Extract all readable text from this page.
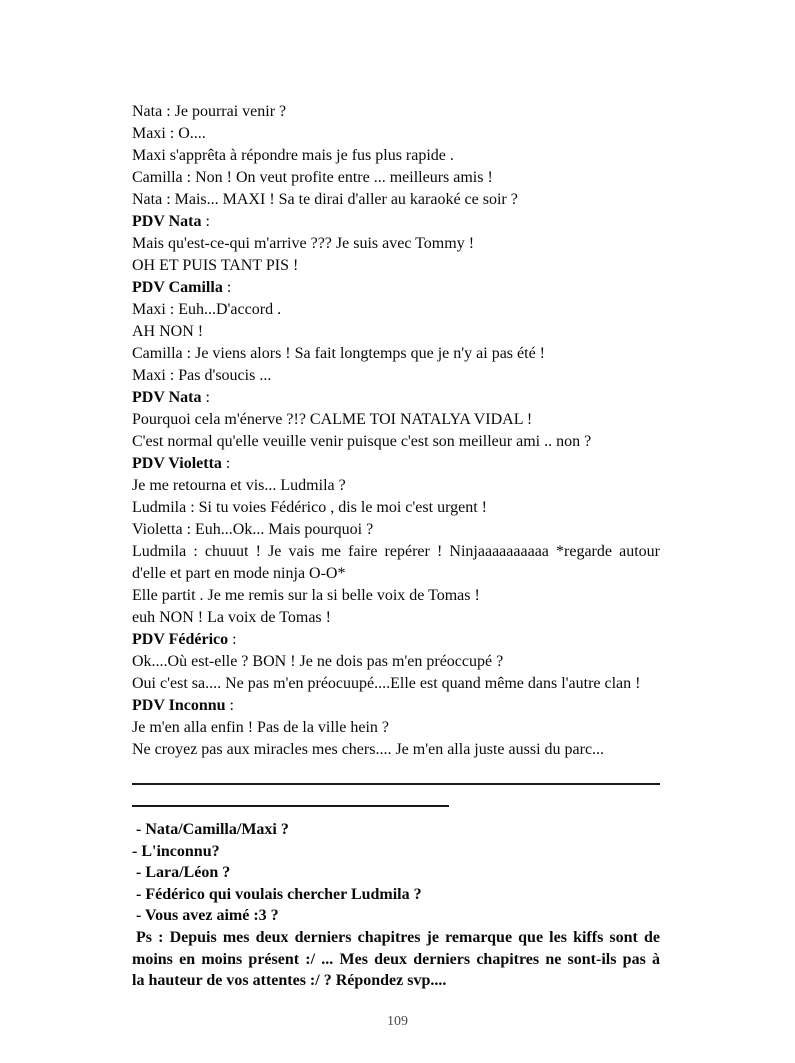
Nata : Je pourrai venir ?

Maxi : O....

Maxi s'apprêta à répondre mais je fus plus rapide .

Camilla : Non ! On veut profite entre ... meilleurs amis !

Nata : Mais... MAXI ! Sa te dirai d'aller au karaoké ce soir ?

PDV Nata :

Mais qu'est-ce-qui m'arrive ??? Je suis avec Tommy !

OH ET PUIS TANT PIS !

PDV Camilla :

Maxi : Euh...D'accord .

AH NON !

Camilla : Je viens alors ! Sa fait longtemps que je n'y ai pas été !

Maxi : Pas d'soucis ...

PDV Nata :

Pourquoi cela m'énerve ?!? CALME TOI NATALYA VIDAL !

C'est normal qu'elle veuille venir puisque c'est son meilleur ami .. non ?

PDV Violetta :

Je me retourna et vis... Ludmila ?

Ludmila : Si tu voies Fédérico , dis le moi c'est urgent !

Violetta : Euh...Ok... Mais pourquoi ?

Ludmila : chuuut ! Je vais me faire repérer ! Ninjaaaaaaaaaa *regarde autour

d'elle et part en mode ninja O-O*

Elle partit . Je me remis sur la si belle voix de Tomas !

euh NON ! La voix de Tomas !

PDV Fédérico :

Ok....Où est-elle ? BON ! Je ne dois pas m'en préoccupé ?

Oui c'est sa.... Ne pas m'en préocuupé....Elle est quand même dans l'autre clan !

PDV Inconnu :

Je m'en alla enfin ! Pas de la ville hein ?

Ne croyez pas aux miracles mes chers.... Je m'en alla juste aussi du parc...

- Nata/Camilla/Maxi ?

- L'inconnu?

- Lara/Léon ?

- Fédérico qui voulais chercher Ludmila ?

- Vous avez aimé :3 ?

Ps : Depuis mes deux derniers chapitres je remarque que les kiffs sont de

moins en moins présent :/ ... Mes deux derniers chapitres ne sont-ils pas à

la hauteur de vos attentes :/ ? Répondez svp....

109
